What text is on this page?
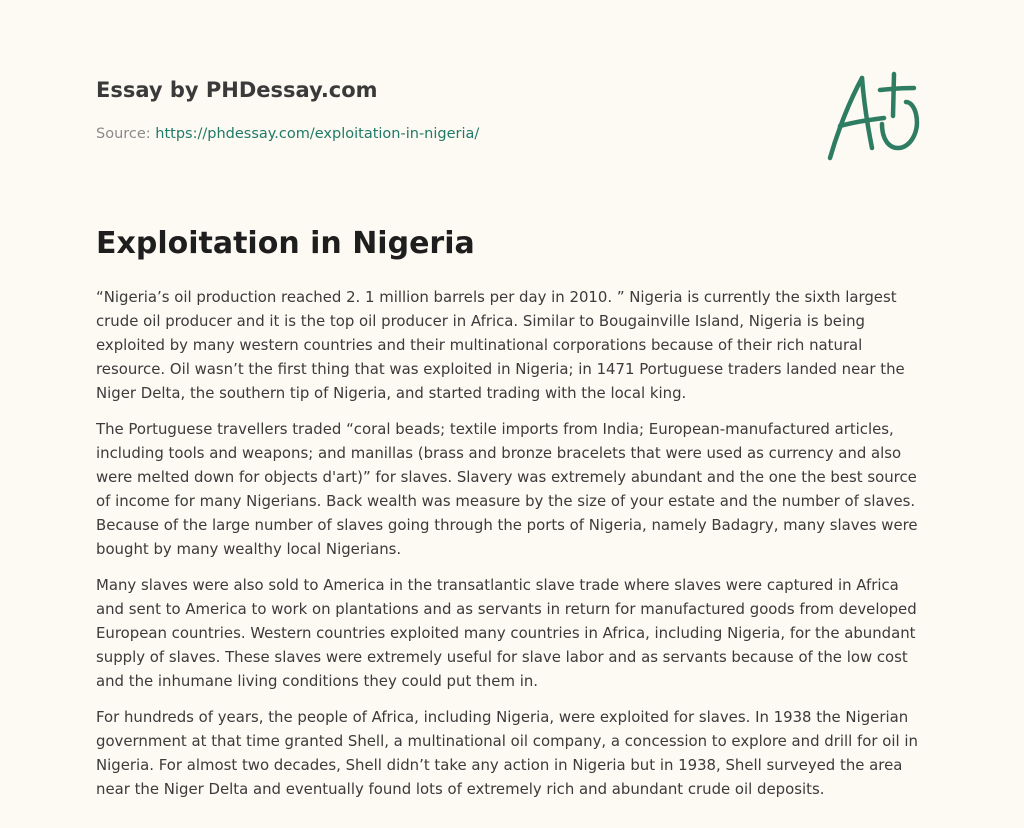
Essay by PHDessay.com
Source: https://phdessay.com/exploitation-in-nigeria/
Exploitation in Nigeria

“Nigeria’s oil production reached 2. 1 million barrels per day in 2010. ” Nigeria is currently the sixth largest crude oil producer and it is the top oil producer in Africa. Similar to Bougainville Island, Nigeria is being exploited by many western countries and their multinational corporations because of their rich natural resource. Oil wasn’t the first thing that was exploited in Nigeria; in 1471 Portuguese traders landed near the Niger Delta, the southern tip of Nigeria, and started trading with the local king.

The Portuguese travellers traded “coral beads; textile imports from India; European-manufactured articles, including tools and weapons; and manillas (brass and bronze bracelets that were used as currency and also were melted down for objects d'art)” for slaves. Slavery was extremely abundant and the one the best source of income for many Nigerians. Back wealth was measure by the size of your estate and the number of slaves. Because of the large number of slaves going through the ports of Nigeria, namely Badagry, many slaves were bought by many wealthy local Nigerians.

Many slaves were also sold to America in the transatlantic slave trade where slaves were captured in Africa and sent to America to work on plantations and as servants in return for manufactured goods from developed European countries. Western countries exploited many countries in Africa, including Nigeria, for the abundant supply of slaves. These slaves were extremely useful for slave labor and as servants because of the low cost and the inhumane living conditions they could put them in.

For hundreds of years, the people of Africa, including Nigeria, were exploited for slaves. In 1938 the Nigerian government at that time granted Shell, a multinational oil company, a concession to explore and drill for oil in Nigeria. For almost two decades, Shell didn’t take any action in Nigeria but in 1938, Shell surveyed the area near the Niger Delta and eventually found lots of extremely rich and abundant crude oil deposits.
